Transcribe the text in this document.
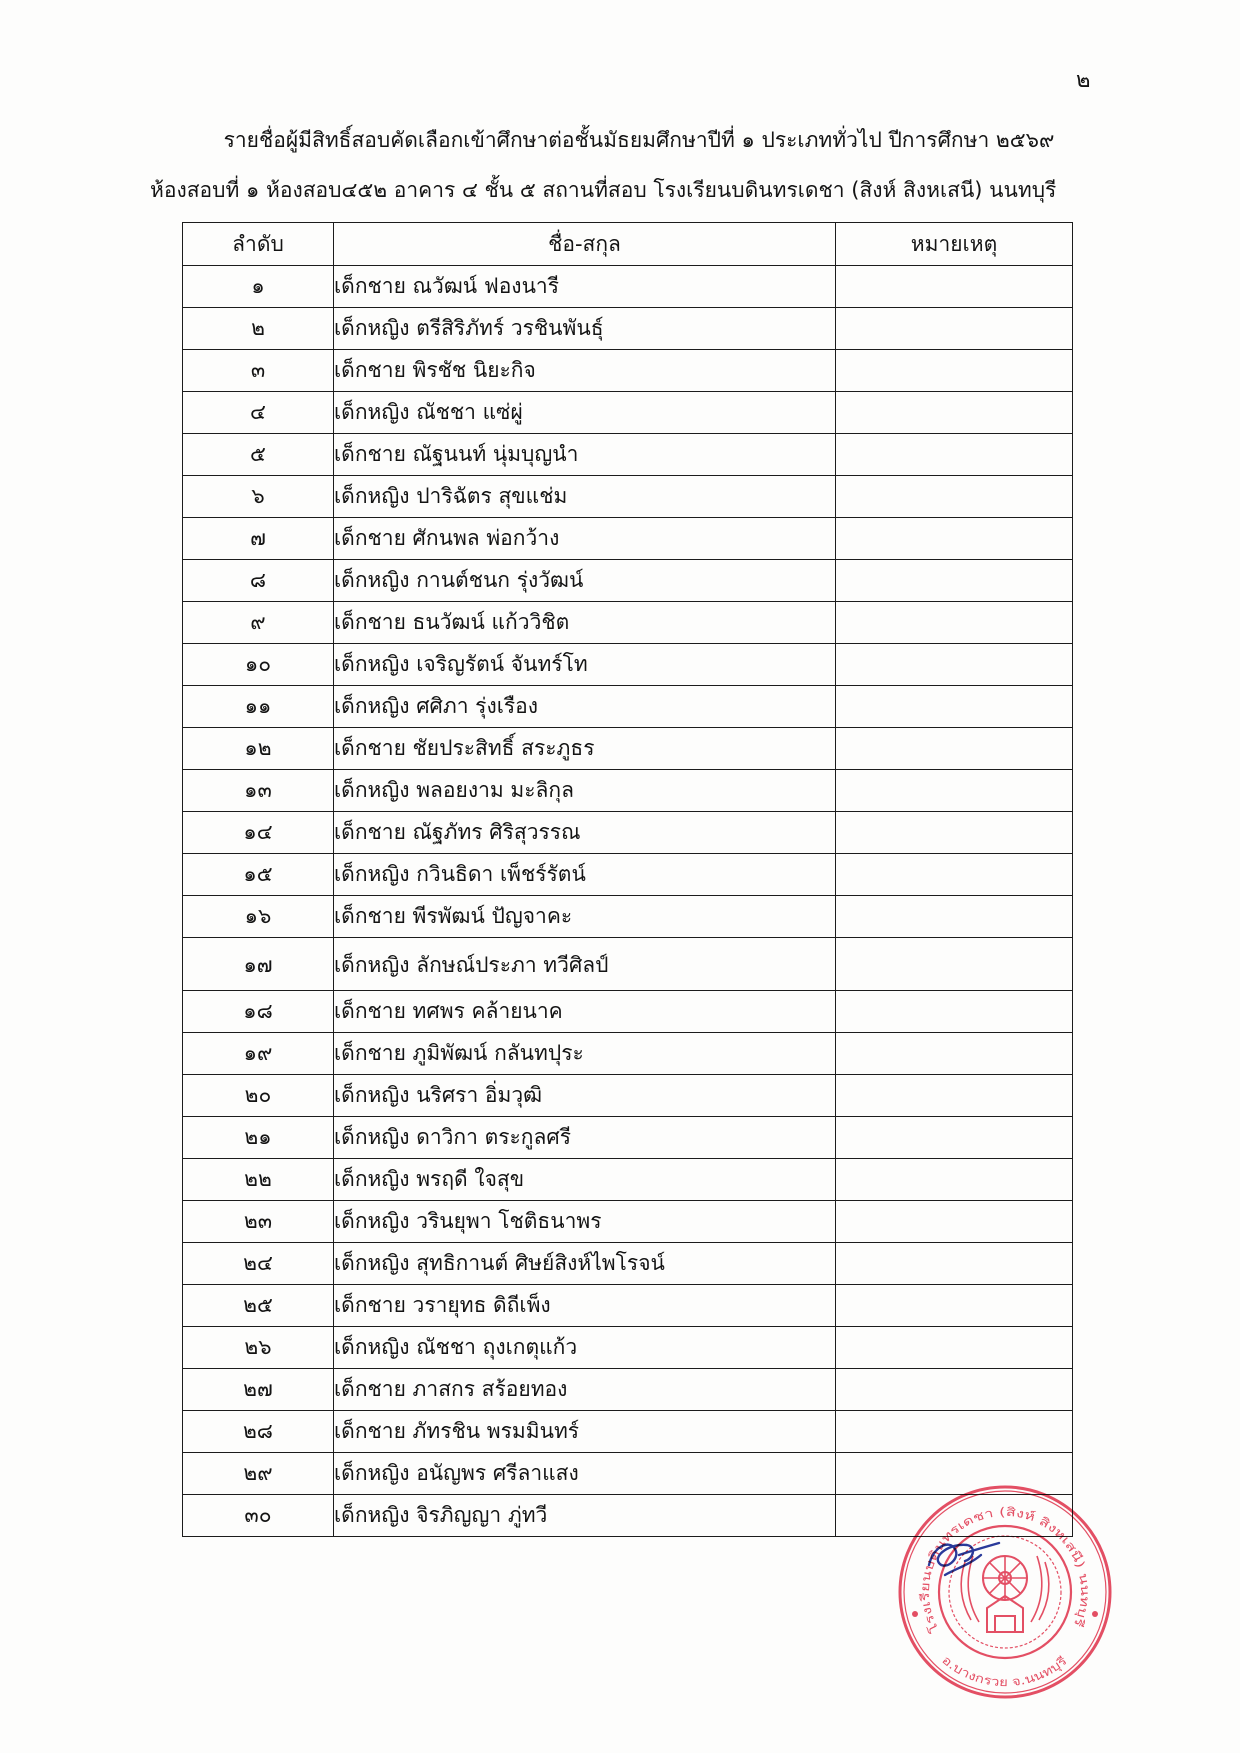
๒
รายชื่อผู้มีสิทธิ์สอบคัดเลือกเข้าศึกษาต่อชั้นมัธยมศึกษาปีที่ ๑ ประเภททั่วไป ปีการศึกษา ๒๕๖๙
ห้องสอบที่ ๑ ห้องสอบ๔๕๒ อาคาร ๔ ชั้น ๕ สถานที่สอบ โรงเรียนบดินทรเดชา (สิงห์ สิงหเสนี) นนทบุรี
ลำดับ	ชื่อ-สกุล	หมายเหตุ
๑	เด็กชาย ณวัฒน์ ฟองนารี	
๒	เด็กหญิง ตรีสิริภัทร์ วรชินพันธุ์	
๓	เด็กชาย พิรชัช นิยะกิจ	
๔	เด็กหญิง ณัชชา แซ่ผู่	
๕	เด็กชาย ณัฐนนท์ นุ่มบุญนำ	
๖	เด็กหญิง ปาริฉัตร สุขแช่ม	
๗	เด็กชาย ศักนพล พ่อกว้าง	
๘	เด็กหญิง กานต์ชนก รุ่งวัฒน์	
๙	เด็กชาย ธนวัฒน์ แก้ววิชิต	
๑๐	เด็กหญิง เจริญรัตน์ จันทร์โท	
๑๑	เด็กหญิง ศศิภา รุ่งเรือง	
๑๒	เด็กชาย ชัยประสิทธิ์ สระภูธร	
๑๓	เด็กหญิง พลอยงาม มะลิกุล	
๑๔	เด็กชาย ณัฐภัทร ศิริสุวรรณ	
๑๕	เด็กหญิง กวินธิดา เพ็ชร์รัตน์	
๑๖	เด็กชาย พีรพัฒน์ ปัญจาคะ	
๑๗	เด็กหญิง ลักษณ์ประภา ทวีศิลป์	
๑๘	เด็กชาย ทศพร คล้ายนาค	
๑๙	เด็กชาย ภูมิพัฒน์ กลันทปุระ	
๒๐	เด็กหญิง นริศรา อิ่มวุฒิ	
๒๑	เด็กหญิง ดาวิกา ตระกูลศรี	
๒๒	เด็กหญิง พรฤดี ใจสุข	
๒๓	เด็กหญิง วรินยุพา โชติธนาพร	
๒๔	เด็กหญิง สุทธิกานต์ ศิษย์สิงห์ไพโรจน์	
๒๕	เด็กชาย วรายุทธ ดิถีเพ็ง	
๒๖	เด็กหญิง ณัชชา ถุงเกตุแก้ว	
๒๗	เด็กชาย ภาสกร สร้อยทอง	
๒๘	เด็กชาย ภัทรชิน พรมมินทร์	
๒๙	เด็กหญิง อนัญพร ศรีลาแสง	
๓๐	เด็กหญิง จิรภิญญา ภู่ทวี	
โรงเรียนบดินทรเดชา (สิงห์ สิงหเสนี) นนทบุรี
อ.บางกรวย จ.นนทบุรี
